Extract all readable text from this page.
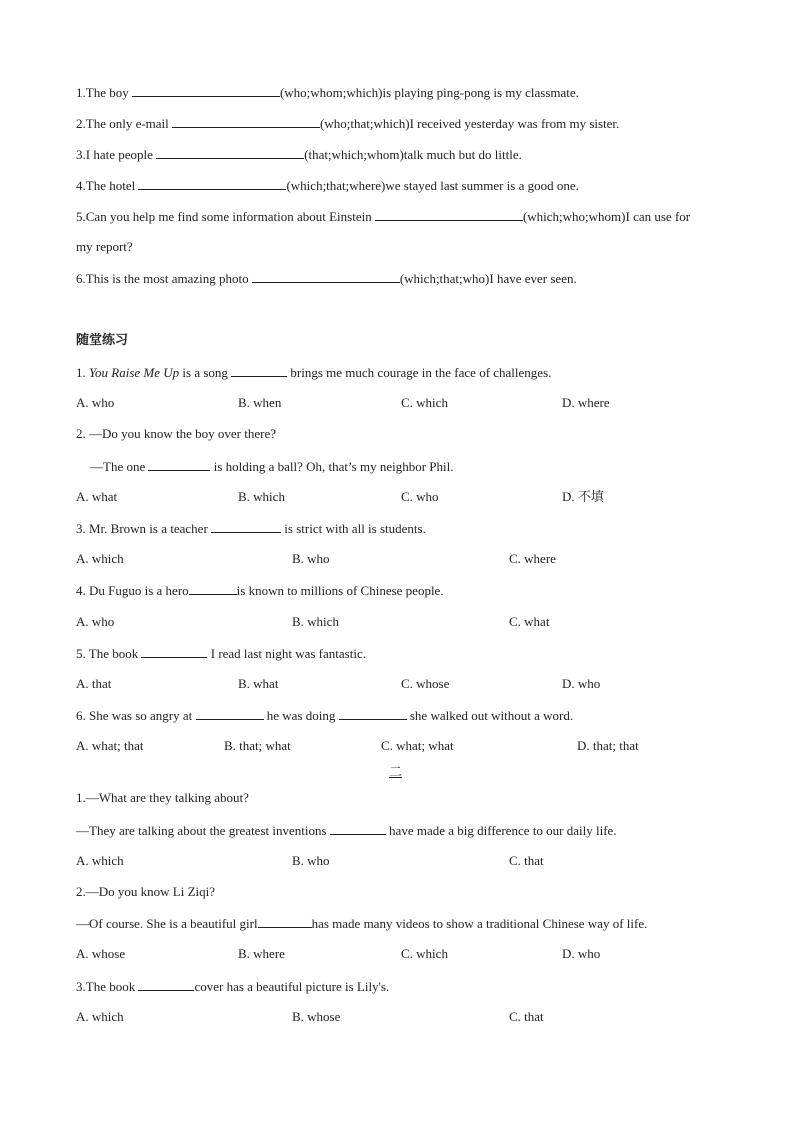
1.The boy	(who;whom;which)is playing ping-pong is my classmate.
2.The only e-mail	(who;that;which)I received yesterday was from my sister.
3.I hate people	(that;which;whom)talk much but do little.
4.The hotel	(which;that;where)we stayed last summer is a good one.
5.Can you help me find some information about Einstein	(which;who;whom)I can use for
my report?
6.This is the most amazing photo	(which;that;who)I have ever seen.
随堂练习
1. You Raise Me Up is a song	brings me much courage in the face of challenges.
A. who	B. when	C. which	D. where
2. —Do you know the boy over there?
—The one	is holding a ball? Oh, that’s my neighbor Phil.
A. what	B. which	C. who	D. 不填
3. Mr. Brown is a teacher	is strict with all is students.
A. which	B. who	C. where
4. Du Fuguo is a hero	is known to millions of Chinese people.
A. who	B. which	C. what
5. The book	I read last night was fantastic.
A. that	B. what	C. whose	D. who
6. She was so angry at	he was doing	she walked out without a word.
A. what; that	B. that; what	C. what; what	D. that; that
二
1.—What are they talking about?
—They are talking about the greatest inventions	have made a big difference to our daily life.
A. which	B. who	C. that
2.—Do you know Li Ziqi?
—Of course. She is a beautiful girl	has made many videos to show a traditional Chinese way of life.
A. whose	B. where	C. which	D. who
3.The book	cover has a beautiful picture is Lily's.
A. which	B. whose	C. that
